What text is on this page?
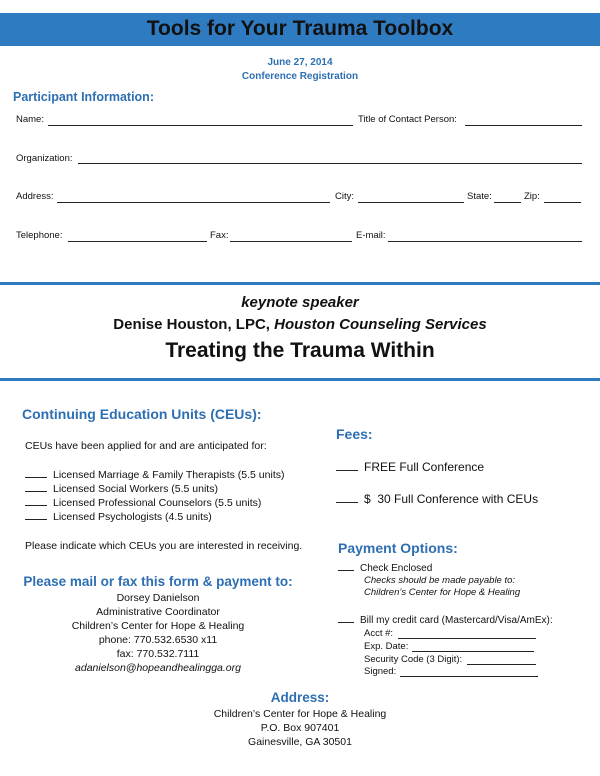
Tools for Your Trauma Toolbox
June 27, 2014
Conference Registration
Participant Information:
Name:	Title of Contact Person:
Organization:
Address:	City:	State:	Zip:
Telephone:	Fax:	E-mail:
keynote speaker
Denise Houston, LPC, Houston Counseling Services
Treating the Trauma Within
Continuing Education Units (CEUs):
CEUs have been applied for and are anticipated for:
Licensed Marriage & Family Therapists (5.5 units)
Licensed Social Workers (5.5 units)
Licensed Professional Counselors (5.5 units)
Licensed Psychologists (4.5 units)
Please indicate which CEUs you are interested in receiving.
Fees:
FREE Full Conference
$  30 Full Conference with CEUs
Payment Options:
Check Enclosed
Checks should be made payable to:
Children’s Center for Hope & Healing
Bill my credit card (Mastercard/Visa/AmEx):
Acct #:
Exp. Date:
Security Code (3 Digit):
Signed:
Please mail or fax this form & payment to:
Dorsey Danielson
Administrative Coordinator
Children’s Center for Hope & Healing
phone: 770.532.6530 x11
fax: 770.532.7111
adanielson@hopeandhealingga.org
Address:
Children’s Center for Hope & Healing
P.O. Box 907401
Gainesville, GA 30501
